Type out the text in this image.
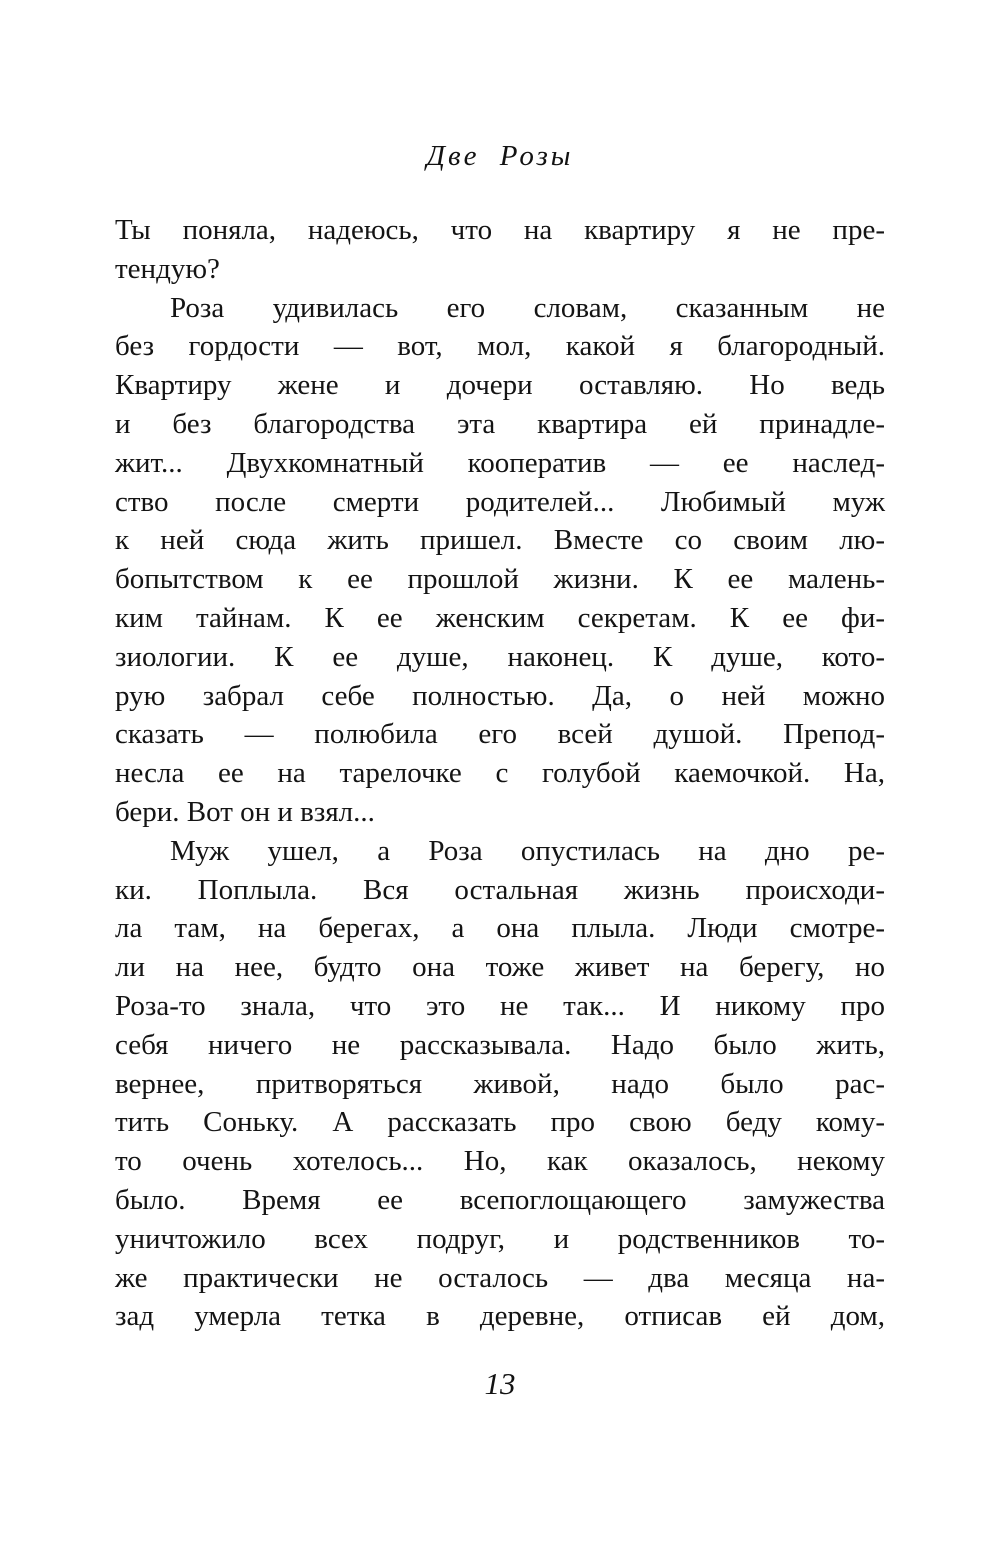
Две Розы
Ты поняла, надеюсь, что на квартиру я не пре-
тендую?
Роза удивилась его словам, сказанным не
без гордости — вот, мол, какой я благородный.
Квартиру жене и дочери оставляю. Но ведь
и без благородства эта квартира ей принадле-
жит... Двухкомнатный кооператив — ее наслед-
ство после смерти родителей... Любимый муж
к ней сюда жить пришел. Вместе со своим лю-
бопытством к ее прошлой жизни. К ее малень-
ким тайнам. К ее женским секретам. К ее фи-
зиологии. К ее душе, наконец. К душе, кото-
рую забрал себе полностью. Да, о ней можно
сказать — полюбила его всей душой. Препод-
несла ее на тарелочке с голубой каемочкой. На,
бери. Вот он и взял...
Муж ушел, а Роза опустилась на дно ре-
ки. Поплыла. Вся остальная жизнь происходи-
ла там, на берегах, а она плыла. Люди смотре-
ли на нее, будто она тоже живет на берегу, но
Роза-то знала, что это не так... И никому про
себя ничего не рассказывала. Надо было жить,
вернее, притворяться живой, надо было рас-
тить Соньку. А рассказать про свою беду кому-
то очень хотелось... Но, как оказалось, некому
было. Время ее всепоглощающего замужества
уничтожило всех подруг, и родственников то-
же практически не осталось — два месяца на-
зад умерла тетка в деревне, отписав ей дом,
13
